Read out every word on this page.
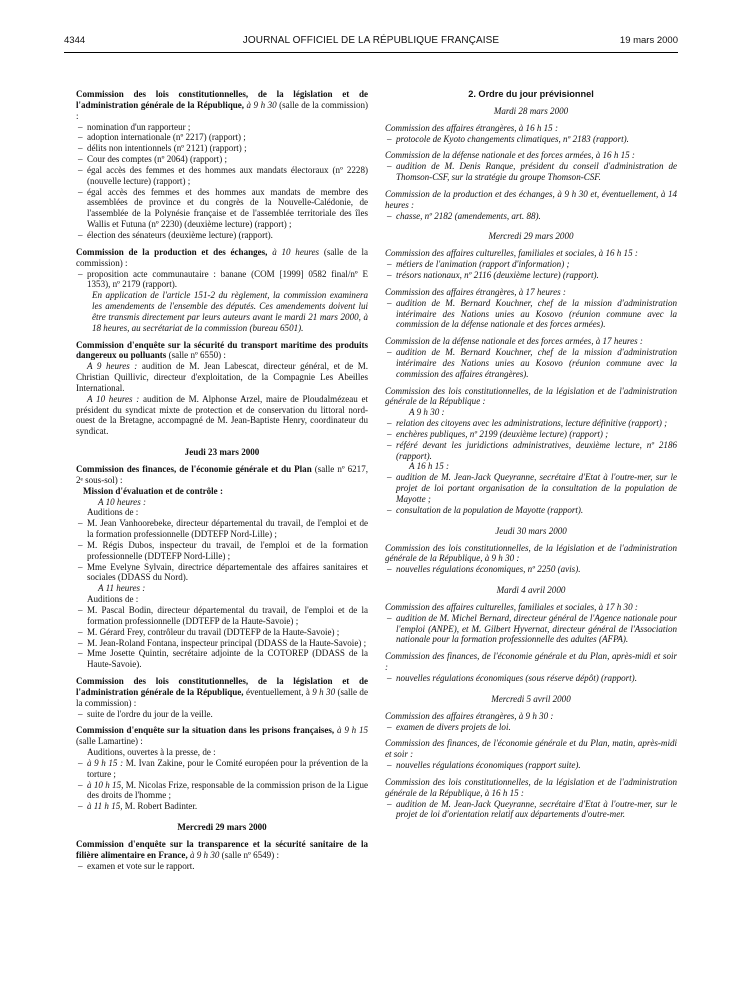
4344	JOURNAL OFFICIEL DE LA RÉPUBLIQUE FRANÇAISE	19 mars 2000
Commission des lois constitutionnelles, de la législation et de l'administration générale de la République, à 9 h 30 (salle de la commission) :
– nomination d'un rapporteur ;
– adoption internationale (nº 2217) (rapport) ;
– délits non intentionnels (nº 2121) (rapport) ;
– Cour des comptes (nº 2064) (rapport) ;
– égal accès des femmes et des hommes aux mandats électoraux (nº 2228) (nouvelle lecture) (rapport) ;
– égal accès des femmes et des hommes aux mandats de membre des assemblées de province et du congrès de la Nouvelle-Calédonie, de l'assemblée de la Polynésie française et de l'assemblée territoriale des îles Wallis et Futuna (nº 2230) (deuxième lecture) (rapport) ;
– élection des sénateurs (deuxième lecture) (rapport).
Commission de la production et des échanges, à 10 heures (salle de la commission) :
– proposition acte communautaire : banane (COM [1999] 0582 final/nº E 1353), nº 2179 (rapport).
En application de l'article 151-2 du règlement, la commission examinera les amendements de l'ensemble des députés. Ces amendements doivent lui être transmis directement par leurs auteurs avant le mardi 21 mars 2000, à 18 heures, au secrétariat de la commission (bureau 6501).
Commission d'enquête sur la sécurité du transport maritime des produits dangereux ou polluants (salle nº 6550) :
A 9 heures : audition de M. Jean Labescat, directeur général, et de M. Christian Quillivic, directeur d'exploitation, de la Compagnie Les Abeilles International.
A 10 heures : audition de M. Alphonse Arzel, maire de Ploudalmézeau et président du syndicat mixte de protection et de conservation du littoral nord-ouest de la Bretagne, accompagné de M. Jean-Baptiste Henry, coordinateur du syndicat.
Jeudi 23 mars 2000
Commission des finances, de l'économie générale et du Plan (salle nº 6217, 2ᵉ sous-sol) :
Mission d'évaluation et de contrôle :
A 10 heures :
Auditions de :
– M. Jean Vanhoorebeke, directeur départemental du travail, de l'emploi et de la formation professionnelle (DDTEFP Nord-Lille) ;
– M. Régis Dubos, inspecteur du travail, de l'emploi et de la formation professionnelle (DDTEFP Nord-Lille) ;
– Mme Evelyne Sylvain, directrice départementale des affaires sanitaires et sociales (DDASS du Nord).
A 11 heures :
Auditions de :
– M. Pascal Bodin, directeur départemental du travail, de l'emploi et de la formation professionnelle (DDTEFP de la Haute-Savoie) ;
– M. Gérard Frey, contrôleur du travail (DDTEFP de la Haute-Savoie) ;
– M. Jean-Roland Fontana, inspecteur principal (DDASS de la Haute-Savoie) ;
– Mme Josette Quintin, secrétaire adjointe de la COTOREP (DDASS de la Haute-Savoie).
Commission des lois constitutionnelles, de la législation et de l'administration générale de la République, éventuellement, à 9 h 30 (salle de la commission) :
– suite de l'ordre du jour de la veille.
Commission d'enquête sur la situation dans les prisons françaises, à 9 h 15 (salle Lamartine) :
Auditions, ouvertes à la presse, de :
– à 9 h 15 : M. Ivan Zakine, pour le Comité européen pour la prévention de la torture ;
– à 10 h 15, M. Nicolas Frize, responsable de la commission prison de la Ligue des droits de l'homme ;
– à 11 h 15, M. Robert Badinter.
Mercredi 29 mars 2000
Commission d'enquête sur la transparence et la sécurité sanitaire de la filière alimentaire en France, à 9 h 30 (salle nº 6549) :
– examen et vote sur le rapport.
2. Ordre du jour prévisionnel
Mardi 28 mars 2000
Commission des affaires étrangères, à 16 h 15 :
– protocole de Kyoto changements climatiques, nº 2183 (rapport).
Commission de la défense nationale et des forces armées, à 16 h 15 :
– audition de M. Denis Ranque, président du conseil d'administration de Thomson-CSF, sur la stratégie du groupe Thomson-CSF.
Commission de la production et des échanges, à 9 h 30 et, éventuellement, à 14 heures :
– chasse, nº 2182 (amendements, art. 88).
Mercredi 29 mars 2000
Commission des affaires culturelles, familiales et sociales, à 16 h 15 :
– métiers de l'animation (rapport d'information) ;
– trésors nationaux, nº 2116 (deuxième lecture) (rapport).
Commission des affaires étrangères, à 17 heures :
– audition de M. Bernard Kouchner, chef de la mission d'administration intérimaire des Nations unies au Kosovo (réunion commune avec la commission de la défense nationale et des forces armées).
Commission de la défense nationale et des forces armées, à 17 heures :
– audition de M. Bernard Kouchner, chef de la mission d'administration intérimaire des Nations unies au Kosovo (réunion commune avec la commission des affaires étrangères).
Commission des lois constitutionnelles, de la législation et de l'administration générale de la République :
A 9 h 30 :
– relation des citoyens avec les administrations, lecture définitive (rapport) ;
– enchères publiques, nº 2199 (deuxième lecture) (rapport) ;
– référé devant les juridictions administratives, deuxième lecture, nº 2186 (rapport).
A 16 h 15 :
– audition de M. Jean-Jack Queyranne, secrétaire d'Etat à l'outre-mer, sur le projet de loi portant organisation de la consultation de la population de Mayotte ;
– consultation de la population de Mayotte (rapport).
Jeudi 30 mars 2000
Commission des lois constitutionnelles, de la législation et de l'administration générale de la République, à 9 h 30 :
– nouvelles régulations économiques, nº 2250 (avis).
Mardi 4 avril 2000
Commission des affaires culturelles, familiales et sociales, à 17 h 30 :
– audition de M. Michel Bernard, directeur général de l'Agence nationale pour l'emploi (ANPE), et M. Gilbert Hyvernat, directeur général de l'Association nationale pour la formation professionnelle des adultes (AFPA).
Commission des finances, de l'économie générale et du Plan, après-midi et soir :
– nouvelles régulations économiques (sous réserve dépôt) (rapport).
Mercredi 5 avril 2000
Commission des affaires étrangères, à 9 h 30 :
– examen de divers projets de loi.
Commission des finances, de l'économie générale et du Plan, matin, après-midi et soir :
– nouvelles régulations économiques (rapport suite).
Commission des lois constitutionnelles, de la législation et de l'administration générale de la République, à 16 h 15 :
– audition de M. Jean-Jack Queyranne, secrétaire d'Etat à l'outre-mer, sur le projet de loi d'orientation relatif aux départements d'outre-mer.
